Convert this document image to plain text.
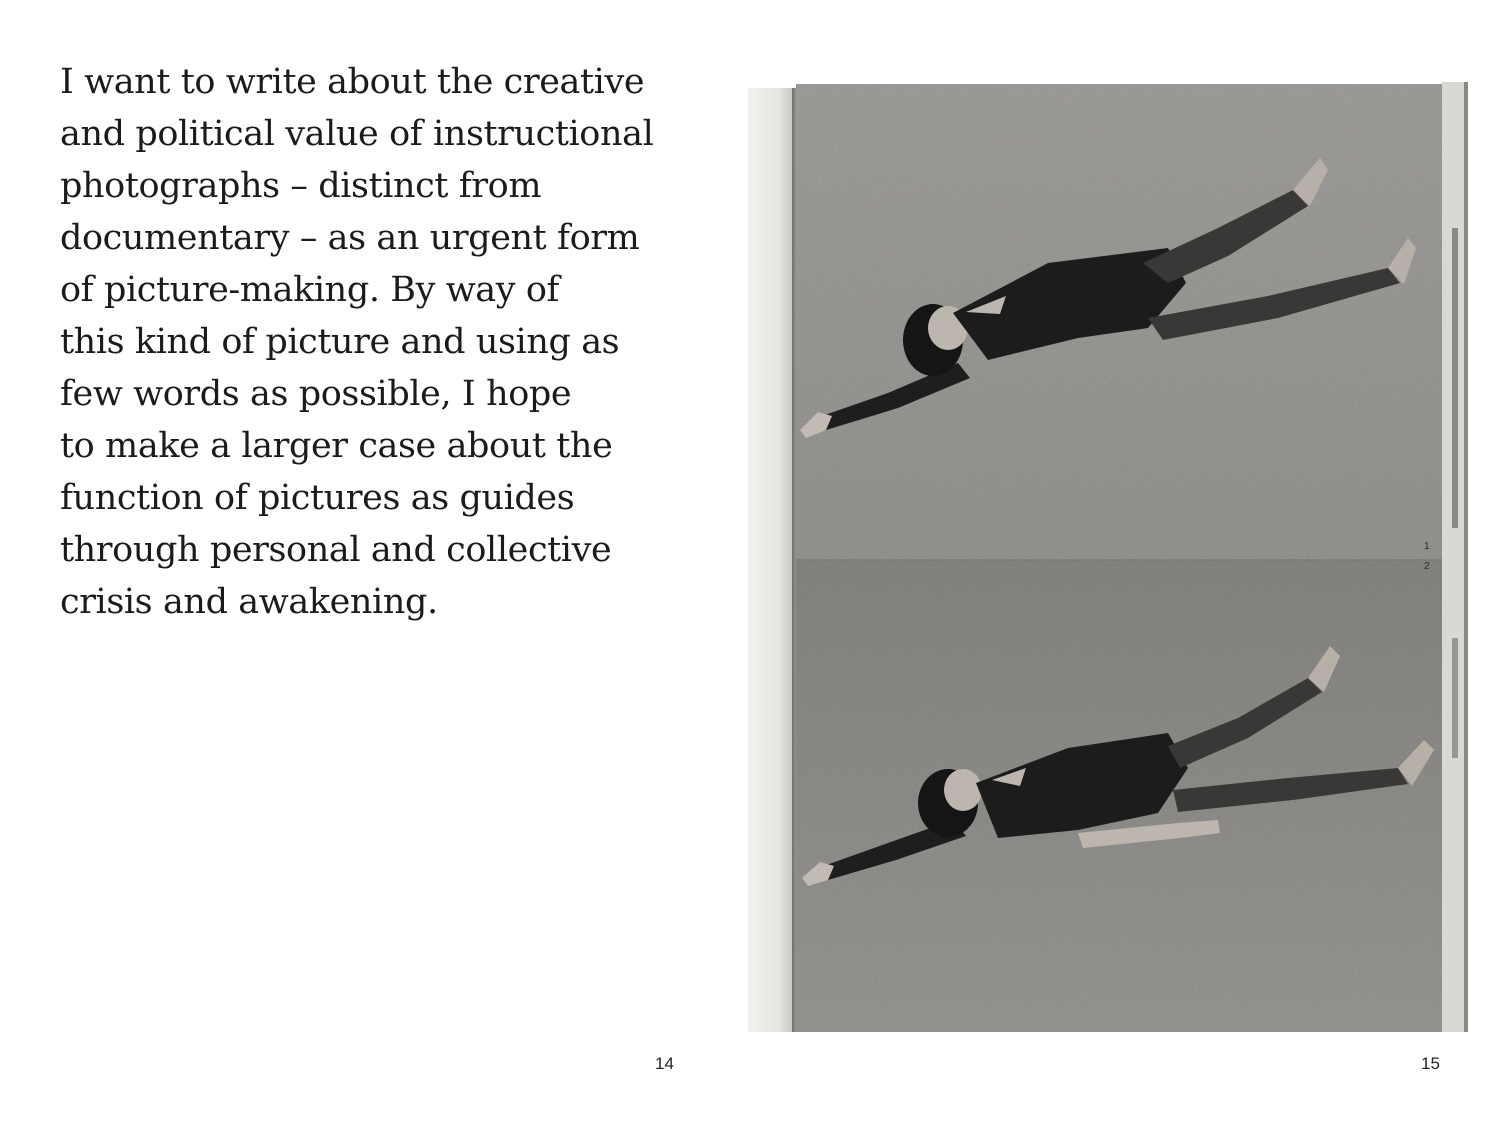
I want to write about the creative
and political value of instructional
photographs – distinct from
documentary – as an urgent form
of picture-making. By way of
this kind of picture and using as
few words as possible, I hope
to make a larger case about the
function of pictures as guides
through personal and collective
crisis and awakening.
1
2
14	15
